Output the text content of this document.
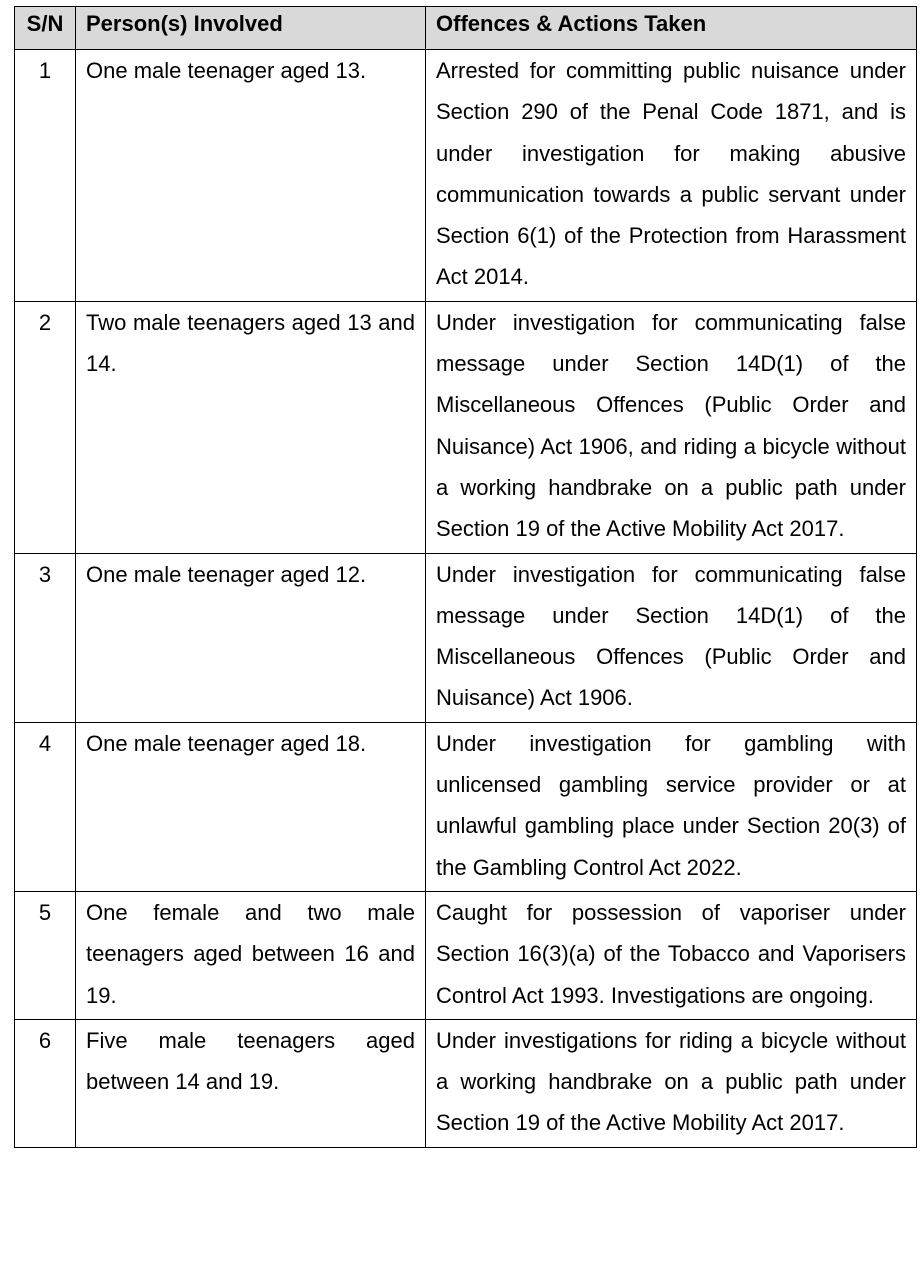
S/N	Person(s) Involved	Offences & Actions Taken
1	One male teenager aged 13.	Arrested for committing public nuisance under Section 290 of the Penal Code 1871, and is under investigation for making abusive communication towards a public servant under Section 6(1) of the Protection from Harassment Act 2014.
2	Two male teenagers aged 13 and 14.	Under investigation for communicating false message under Section 14D(1) of the Miscellaneous Offences (Public Order and Nuisance) Act 1906, and riding a bicycle without a working handbrake on a public path under Section 19 of the Active Mobility Act 2017.
3	One male teenager aged 12.	Under investigation for communicating false message under Section 14D(1) of the Miscellaneous Offences (Public Order and Nuisance) Act 1906.
4	One male teenager aged 18.	Under investigation for gambling with unlicensed gambling service provider or at unlawful gambling place under Section 20(3) of the Gambling Control Act 2022.
5	One female and two male teenagers aged between 16 and 19.	Caught for possession of vaporiser under Section 16(3)(a) of the Tobacco and Vaporisers Control Act 1993. Investigations are ongoing.
6	Five male teenagers aged between 14 and 19.	Under investigations for riding a bicycle without a working handbrake on a public path under Section 19 of the Active Mobility Act 2017.
